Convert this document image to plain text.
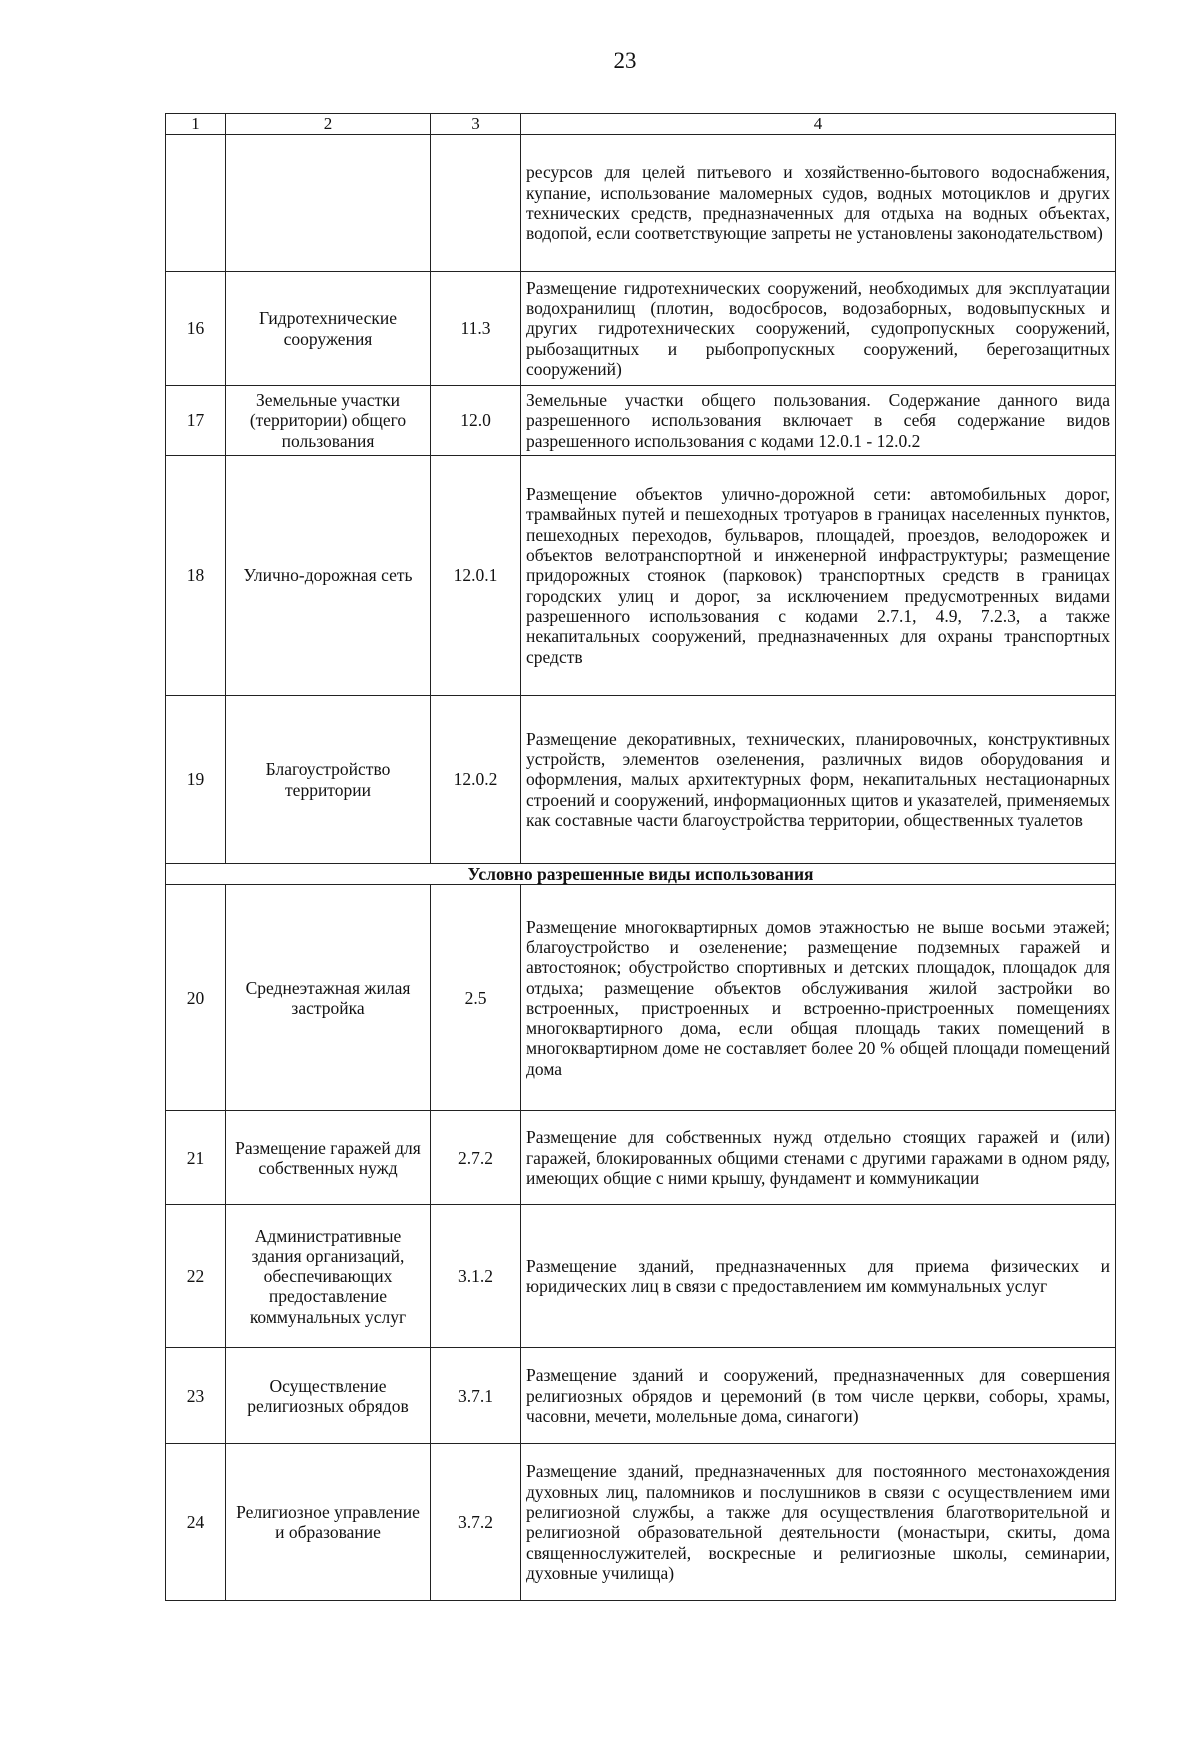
23
1	2	3	4
			ресурсов для целей питьевого и хозяйственно-бытового водоснабжения, купание, использование маломерных судов, водных мотоциклов и других технических средств, предназначенных для отдыха на водных объектах, водопой, если соответствующие запреты не установлены законодательством)
16	Гидротехнические сооружения	11.3	Размещение гидротехнических сооружений, необходимых для эксплуатации водохранилищ (плотин, водосбросов, водозаборных, водовыпускных и других гидротехнических сооружений, судопропускных сооружений, рыбозащитных и рыбопропускных сооружений, берегозащитных сооружений)
17	Земельные участки (территории) общего пользования	12.0	Земельные участки общего пользования. Содержание данного вида разрешенного использования включает в себя содержание видов разрешенного использования с кодами 12.0.1 - 12.0.2
18	Улично-дорожная сеть	12.0.1	Размещение объектов улично-дорожной сети: автомобильных дорог, трамвайных путей и пешеходных тротуаров в границах населенных пунктов, пешеходных переходов, бульваров, площадей, проездов, велодорожек и объектов велотранспортной и инженерной инфраструктуры; размещение придорожных стоянок (парковок) транспортных средств в границах городских улиц и дорог, за исключением предусмотренных видами разрешенного использования с кодами 2.7.1, 4.9, 7.2.3, а также некапитальных сооружений, предназначенных для охраны транспортных средств
19	Благоустройство территории	12.0.2	Размещение декоративных, технических, планировочных, конструктивных устройств, элементов озеленения, различных видов оборудования и оформления, малых архитектурных форм, некапитальных нестационарных строений и сооружений, информационных щитов и указателей, применяемых как составные части благоустройства территории, общественных туалетов
Условно разрешенные виды использования			
20	Среднеэтажная жилая застройка	2.5	Размещение многоквартирных домов этажностью не выше восьми этажей; благоустройство и озеленение; размещение подземных гаражей и автостоянок; обустройство спортивных и детских площадок, площадок для отдыха; размещение объектов обслуживания жилой застройки во встроенных, пристроенных и встроенно-пристроенных помещениях многоквартирного дома, если общая площадь таких помещений в многоквартирном доме не составляет более 20 % общей площади помещений дома
21	Размещение гаражей для собственных нужд	2.7.2	Размещение для собственных нужд отдельно стоящих гаражей и (или) гаражей, блокированных общими стенами с другими гаражами в одном ряду, имеющих общие с ними крышу, фундамент и коммуникации
22	Административные здания организаций, обеспечивающих предоставление коммунальных услуг	3.1.2	Размещение зданий, предназначенных для приема физических и юридических лиц в связи с предоставлением им коммунальных услуг
23	Осуществление религиозных обрядов	3.7.1	Размещение зданий и сооружений, предназначенных для совершения религиозных обрядов и церемоний (в том числе церкви, соборы, храмы, часовни, мечети, молельные дома, синагоги)
24	Религиозное управление и образование	3.7.2	Размещение зданий, предназначенных для постоянного местонахождения духовных лиц, паломников и послушников в связи с осуществлением ими религиозной службы, а также для осуществления благотворительной и религиозной образовательной деятельности (монастыри, скиты, дома священнослужителей, воскресные и религиозные школы, семинарии, духовные училища)
